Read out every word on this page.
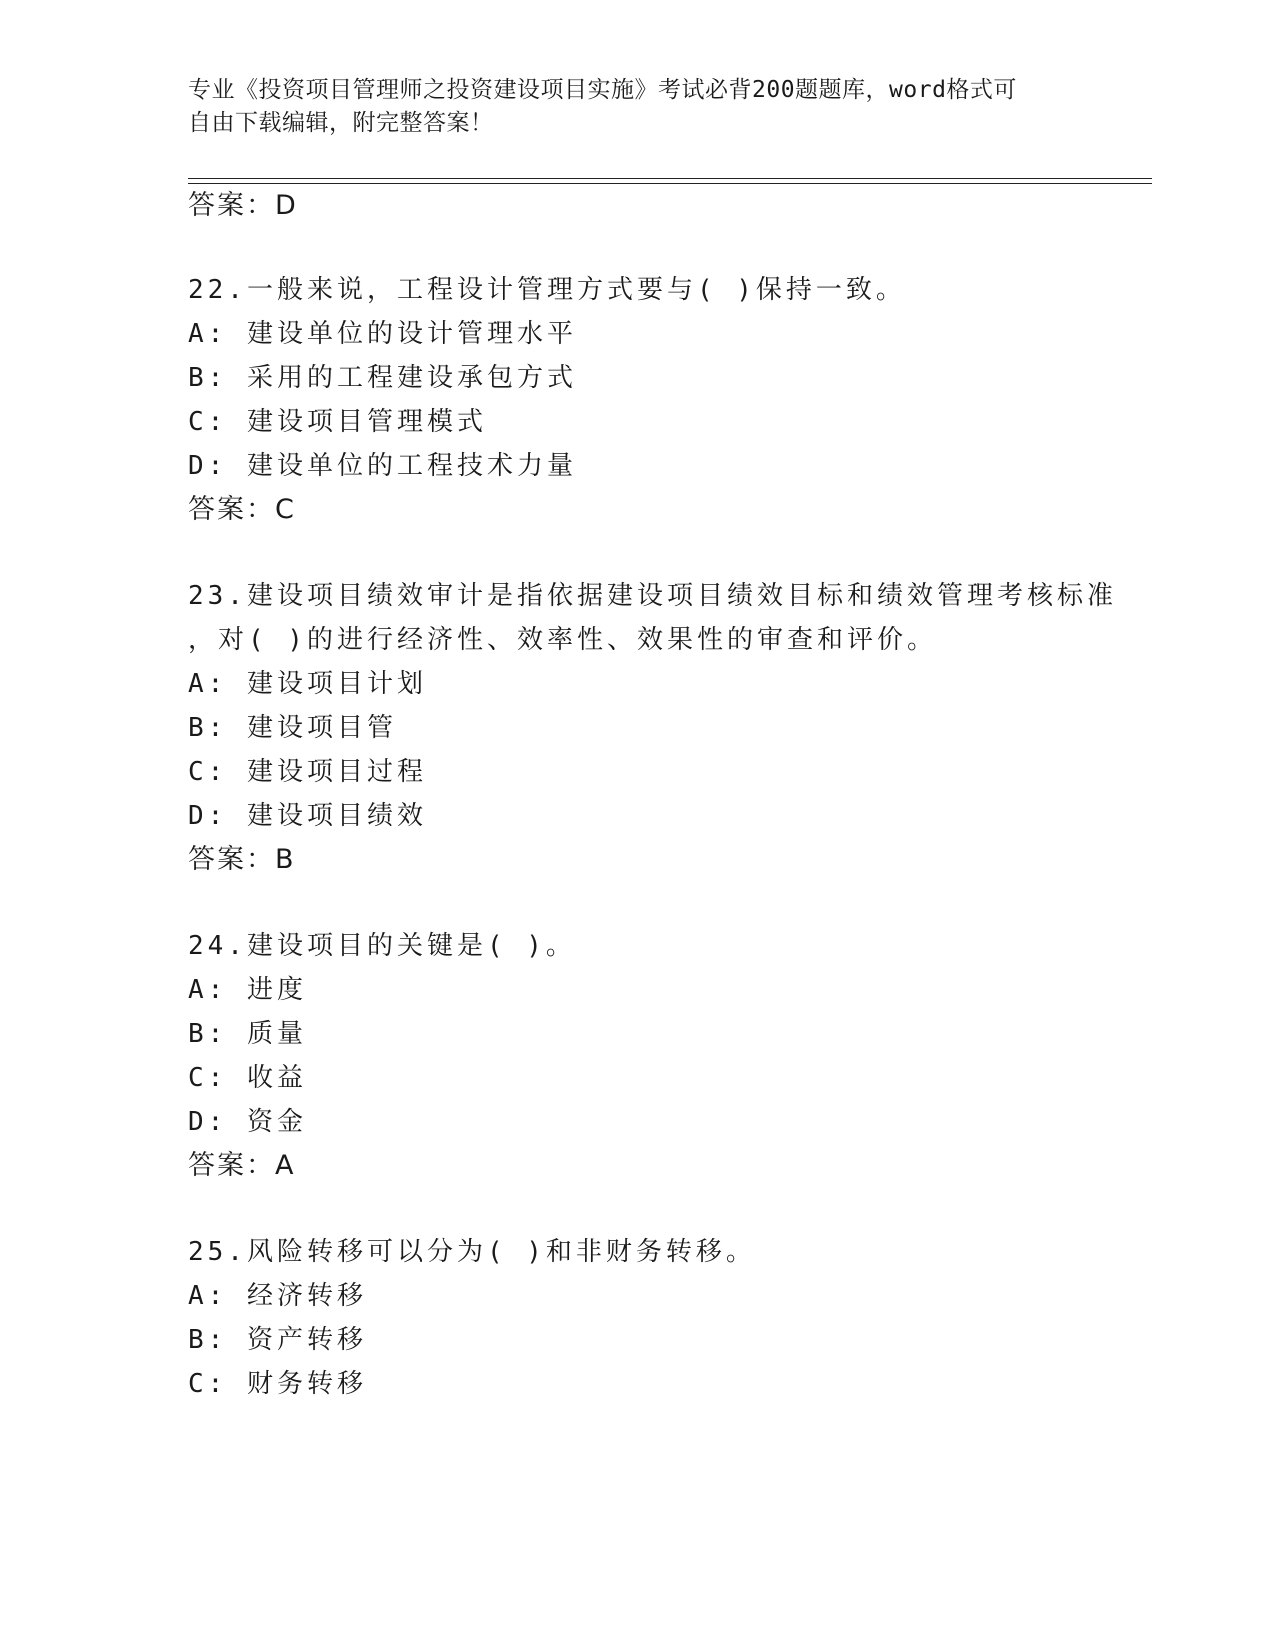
专业《投资项目管理师之投资建设项目实施》考试必背200题题库，word格式可
自由下载编辑，附完整答案！
答案：D
22.一般来说，工程设计管理方式要与( )保持一致。
A: 建设单位的设计管理水平
B: 采用的工程建设承包方式
C: 建设项目管理模式
D: 建设单位的工程技术力量
答案：C
23.建设项目绩效审计是指依据建设项目绩效目标和绩效管理考核标准
，对( )的进行经济性、效率性、效果性的审查和评价。
A: 建设项目计划
B: 建设项目管
C: 建设项目过程
D: 建设项目绩效
答案：B
24.建设项目的关键是( )。
A: 进度
B: 质量
C: 收益
D: 资金
答案：A
25.风险转移可以分为( )和非财务转移。
A: 经济转移
B: 资产转移
C: 财务转移
